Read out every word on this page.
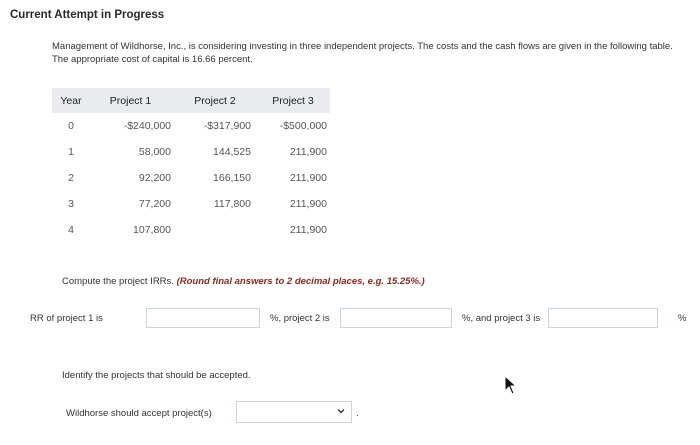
Current Attempt in Progress
Management of Wildhorse, Inc., is considering investing in three independent projects. The costs and the cash flows are given in the following table. The appropriate cost of capital is 16.66 percent.
Year	Project 1	Project 2	Project 3
0	-$240,000	-$317,900	-$500,000
1	58,000	144,525	211,900
2	92,200	166,150	211,900
3	77,200	117,800	211,900
4	107,800		211,900
Compute the project IRRs. (Round final answers to 2 decimal places, e.g. 15.25%.)
RR of project 1 is	%, project 2 is	%, and project 3 is	%
Identify the projects that should be accepted.
Wildhorse should accept project(s)	.
